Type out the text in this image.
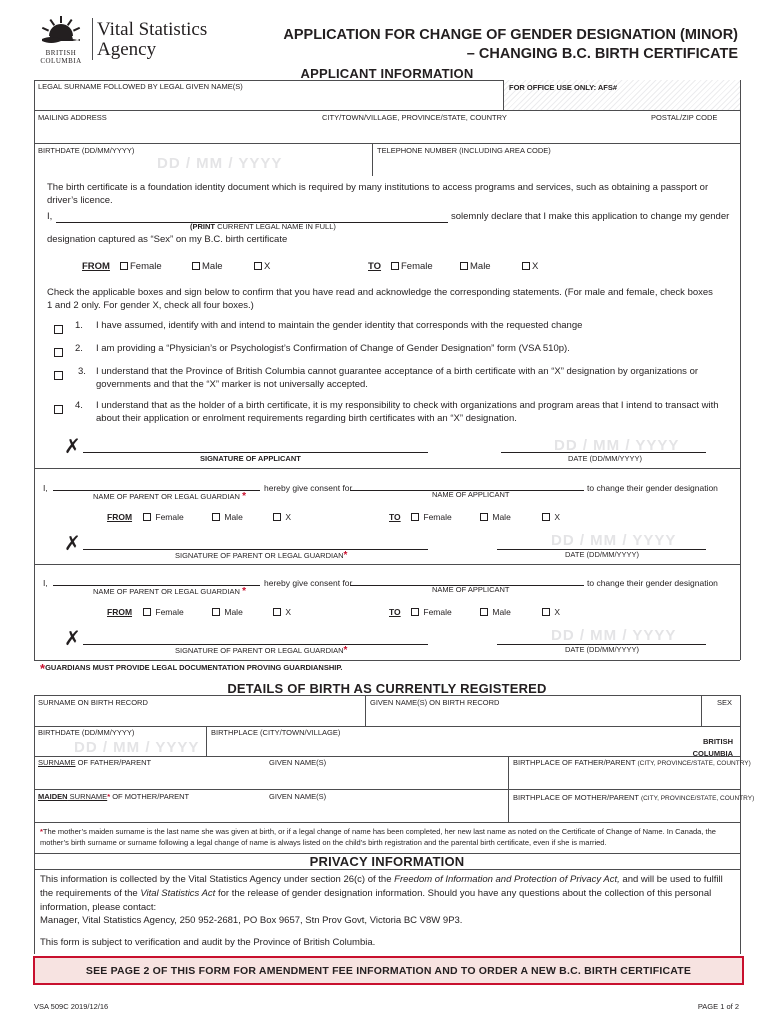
BRITISH
COLUMBIA
Vital Statistics
Agency
APPLICATION FOR CHANGE OF GENDER DESIGNATION (MINOR)
– CHANGING B.C. BIRTH CERTIFICATE
APPLICANT INFORMATION
LEGAL SURNAME FOLLOWED BY LEGAL GIVEN NAME(S)	FOR OFFICE USE ONLY: AFS#
MAILING ADDRESS	CITY/TOWN/VILLAGE, PROVINCE/STATE, COUNTRY	POSTAL/ZIP CODE
BIRTHDATE (DD/MM/YYYY)
DD / MM / YYYY
TELEPHONE NUMBER (INCLUDING AREA CODE)
The birth certificate is a foundation identity document which is required by many institutions to access programs and services, such as obtaining a passport or driver’s licence.
I,	solemnly declare that I make this application to change my gender
(PRINT CURRENT LEGAL NAME IN FULL)
designation captured as “Sex” on my B.C. birth certificate
FROM	Female	Male	X	TO	Female	Male	X
Check the applicable boxes and sign below to confirm that you have read and acknowledge the corresponding statements. (For male and female, check boxes 1 and 2 only. For gender X, check all four boxes.)
1. I have assumed, identify with and intend to maintain the gender identity that corresponds with the requested change
2. I am providing a “Physician’s or Psychologist’s Confirmation of Change of Gender Designation” form (VSA 510p).
3. I understand that the Province of British Columbia cannot guarantee acceptance of a birth certificate with an “X” designation by organizations or governments and that the “X” marker is not universally accepted.
4. I understand that as the holder of a birth certificate, it is my responsibility to check with organizations and program areas that I intend to transact with about their application or enrolment requirements regarding birth certificates with an “X” designation.
✗
SIGNATURE OF APPLICANT
DD / MM / YYYY
DATE (DD/MM/YYYY)
I,
NAME OF PARENT OR LEGAL GUARDIAN *
hereby give consent for
NAME OF APPLICANT
to change their gender designation
FROM	Female	Male	X	TO	Female	Male	X
✗
SIGNATURE OF PARENT OR LEGAL GUARDIAN*
DD / MM / YYYY
DATE (DD/MM/YYYY)
I,
NAME OF PARENT OR LEGAL GUARDIAN *
hereby give consent for
NAME OF APPLICANT
to change their gender designation
FROM	Female	Male	X	TO	Female	Male	X
✗
SIGNATURE OF PARENT OR LEGAL GUARDIAN*
DD / MM / YYYY
DATE (DD/MM/YYYY)
*GUARDIANS MUST PROVIDE LEGAL DOCUMENTATION PROVING GUARDIANSHIP.
DETAILS OF BIRTH AS CURRENTLY REGISTERED
SURNAME ON BIRTH RECORD	GIVEN NAME(S) ON BIRTH RECORD	SEX
BIRTHDATE (DD/MM/YYYY)
DD / MM / YYYY
BIRTHPLACE (CITY/TOWN/VILLAGE)
BRITISH
COLUMBIA
SURNAME OF FATHER/PARENT	GIVEN NAME(S)	BIRTHPLACE OF FATHER/PARENT (CITY, PROVINCE/STATE, COUNTRY)
MAIDEN SURNAME* OF MOTHER/PARENT	GIVEN NAME(S)	BIRTHPLACE OF MOTHER/PARENT (CITY, PROVINCE/STATE, COUNTRY)
*The mother’s maiden surname is the last name she was given at birth, or if a legal change of name has been completed, her new last name as noted on the Certificate of Change of Name. In Canada, the mother’s birth surname or surname following a legal change of name is always listed on the child’s birth registration and the parental birth certificate, even if she is married.
PRIVACY INFORMATION
This information is collected by the Vital Statistics Agency under section 26(c) of the Freedom of Information and Protection of Privacy Act, and will be used to fulfill the requirements of the Vital Statistics Act for the release of gender designation information. Should you have any questions about the collection of this personal information, please contact:
Manager, Vital Statistics Agency, 250 952-2681, PO Box 9657, Stn Prov Govt, Victoria BC V8W 9P3.
This form is subject to verification and audit by the Province of British Columbia.
SEE PAGE 2 OF THIS FORM FOR AMENDMENT FEE INFORMATION AND TO ORDER A NEW B.C. BIRTH CERTIFICATE
VSA 509C 2019/12/16	PAGE 1 of 2
